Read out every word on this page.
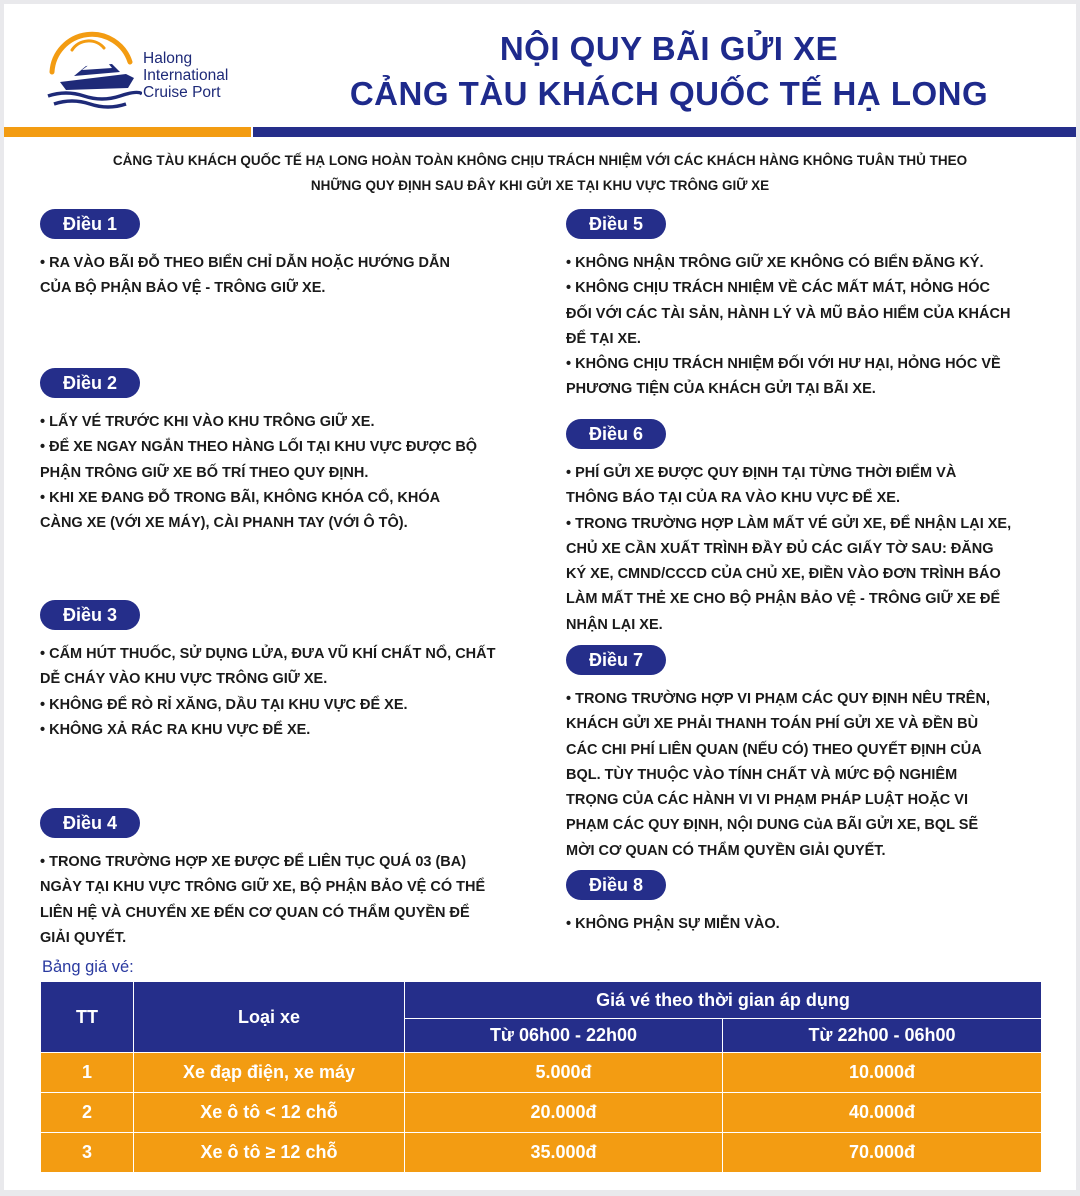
Halong
International
Cruise Port
NỘI QUY BÃI GỬI XE
CẢNG TÀU KHÁCH QUỐC TẾ HẠ LONG
CẢNG TÀU KHÁCH QUỐC TẾ HẠ LONG HOÀN TOÀN KHÔNG CHỊU TRÁCH NHIỆM VỚI CÁC KHÁCH HÀNG KHÔNG TUÂN THỦ THEO
NHỮNG QUY ĐỊNH SAU ĐÂY KHI GỬI XE TẠI KHU VỰC TRÔNG GIỮ XE
Điều 1
• RA VÀO BÃI ĐỖ THEO BIỂN CHỈ DẪN HOẶC HƯỚNG DẪN
CỦA BỘ PHẬN BẢO VỆ - TRÔNG GIỮ XE.
Điều 2
• LẤY VÉ TRƯỚC KHI VÀO KHU TRÔNG GIỮ XE.
• ĐỂ XE NGAY NGẮN THEO HÀNG LỐI TẠI KHU VỰC ĐƯỢC BỘ
PHẬN TRÔNG GIỮ XE BỐ TRÍ THEO QUY ĐỊNH.
• KHI XE ĐANG ĐỖ TRONG BÃI, KHÔNG KHÓA CỔ, KHÓA
CÀNG XE (VỚI XE MÁY), CÀI PHANH TAY (VỚI Ô TÔ).
Điều 3
• CẤM HÚT THUỐC, SỬ DỤNG LỬA, ĐƯA VŨ KHÍ CHẤT NỔ, CHẤT
DỄ CHÁY VÀO KHU VỰC TRÔNG GIỮ XE.
• KHÔNG ĐỂ RÒ RỈ XĂNG, DẦU TẠI KHU VỰC ĐỂ XE.
• KHÔNG XẢ RÁC RA KHU VỰC ĐỂ XE.
Điều 4
• TRONG TRƯỜNG HỢP XE ĐƯỢC ĐỂ LIÊN TỤC QUÁ 03 (BA)
NGÀY TẠI KHU VỰC TRÔNG GIỮ XE, BỘ PHẬN BẢO VỆ CÓ THỂ
LIÊN HỆ VÀ CHUYỂN XE ĐẾN CƠ QUAN CÓ THẨM QUYỀN ĐỂ
GIẢI QUYẾT.
Điều 5
• KHÔNG NHẬN TRÔNG GIỮ XE KHÔNG CÓ BIỂN ĐĂNG KÝ.
• KHÔNG CHỊU TRÁCH NHIỆM VỀ CÁC MẤT MÁT, HỎNG HÓC
ĐỐI VỚI CÁC TÀI SẢN, HÀNH LÝ VÀ MŨ BẢO HIỂM CỦA KHÁCH
ĐỂ TẠI XE.
• KHÔNG CHỊU TRÁCH NHIỆM ĐỐI VỚI HƯ HẠI, HỎNG HÓC VỀ
PHƯƠNG TIỆN CỦA KHÁCH GỬI TẠI BÃI XE.
Điều 6
• PHÍ GỬI XE ĐƯỢC QUY ĐỊNH TẠI TỪNG THỜI ĐIỂM VÀ
THÔNG BÁO TẠI CỦA RA VÀO KHU VỰC ĐỂ XE.
• TRONG TRƯỜNG HỢP LÀM MẤT VÉ GỬI XE, ĐỂ NHẬN LẠI XE,
CHỦ XE CẦN XUẤT TRÌNH ĐẦY ĐỦ CÁC GIẤY TỜ SAU: ĐĂNG
KÝ XE, CMND/CCCD CỦA CHỦ XE, ĐIỀN VÀO ĐƠN TRÌNH BÁO
LÀM MẤT THẺ XE CHO BỘ PHẬN BẢO VỆ - TRÔNG GIỮ XE ĐỂ
NHẬN LẠI XE.
Điều 7
• TRONG TRƯỜNG HỢP VI PHẠM CÁC QUY ĐỊNH NÊU TRÊN,
KHÁCH GỬI XE PHẢI THANH TOÁN PHÍ GỬI XE VÀ ĐỀN BÙ
CÁC CHI PHÍ LIÊN QUAN (NẾU CÓ) THEO QUYẾT ĐỊNH CỦA
BQL. TÙY THUỘC VÀO TÍNH CHẤT VÀ MỨC ĐỘ NGHIÊM
TRỌNG CỦA CÁC HÀNH VI VI PHẠM PHÁP LUẬT HOẶC VI
PHẠM CÁC QUY ĐỊNH, NỘI DUNG CủA BÃI GỬI XE, BQL SẼ
MỜI CƠ QUAN CÓ THẨM QUYỀN GIẢI QUYẾT.
Điều 8
• KHÔNG PHẬN SỰ MIỄN VÀO.
Bảng giá vé:
TT	Loại xe	Giá vé theo thời gian áp dụng	
		Từ 06h00 - 22h00	Từ 22h00 - 06h00
1	Xe đạp điện, xe máy	5.000đ	10.000đ
2	Xe ô tô < 12 chỗ	20.000đ	40.000đ
3	Xe ô tô ≥ 12 chỗ	35.000đ	70.000đ
